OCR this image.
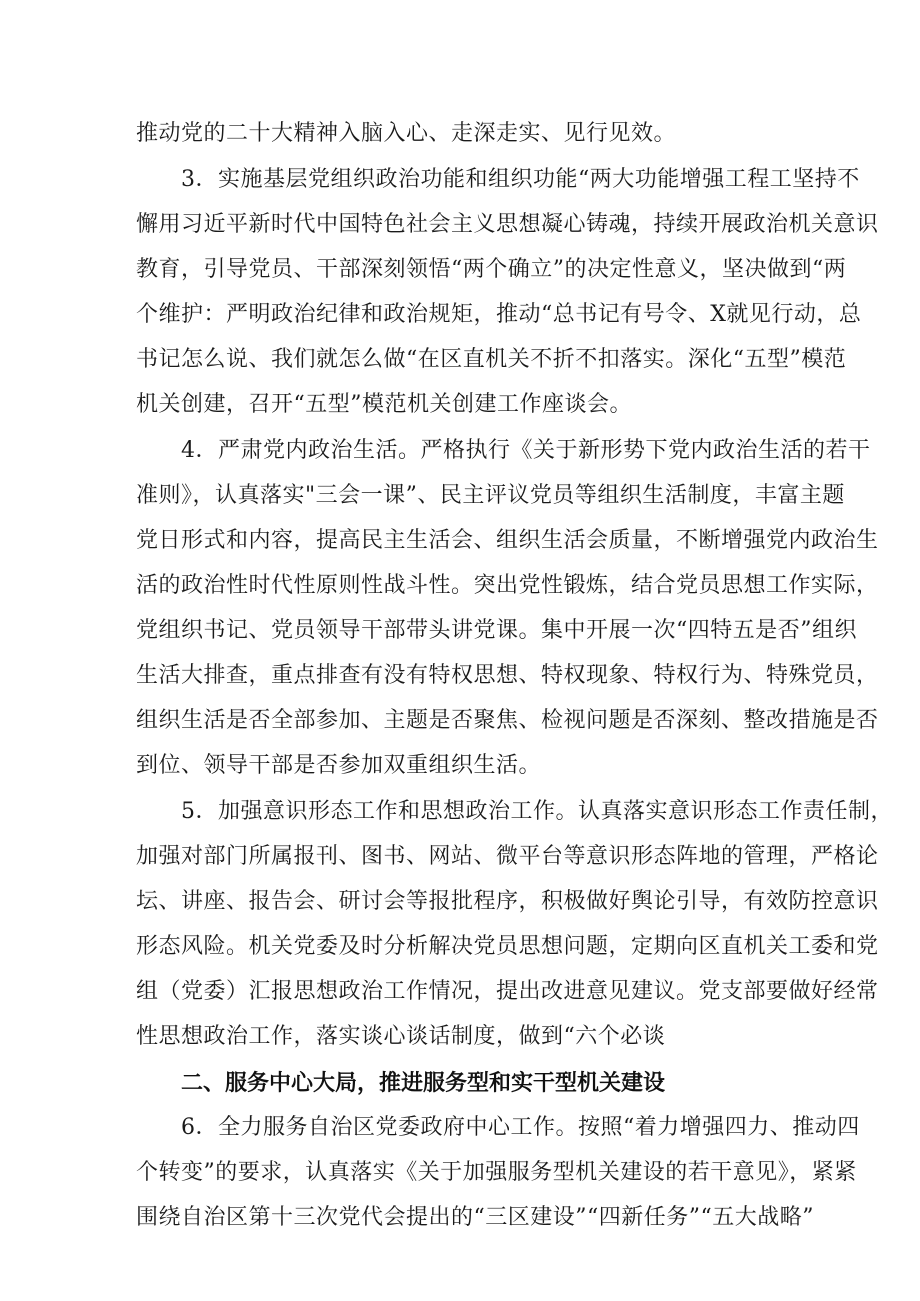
推动党的二十大精神入脑入心、走深走实、见行见效。
3．实施基层党组织政治功能和组织功能“两大功能增强工程工坚持不
懈用习近平新时代中国特色社会主义思想凝心铸魂，持续开展政治机关意识
教育，引导党员、干部深刻领悟“两个确立”的决定性意义，坚决做到“两
个维护：严明政治纪律和政治规矩，推动“总书记有号令、X就见行动，总
书记怎么说、我们就怎么做“在区直机关不折不扣落实。深化“五型”模范
机关创建，召开“五型”模范机关创建工作座谈会。
4．严肃党内政治生活。严格执行《关于新形势下党内政治生活的若干
准则》，认真落实"三会一课”、民主评议党员等组织生活制度，丰富主题
党日形式和内容，提高民主生活会、组织生活会质量，不断增强党内政治生
活的政治性时代性原则性战斗性。突出党性锻炼，结合党员思想工作实际，
党组织书记、党员领导干部带头讲党课。集中开展一次“四特五是否”组织
生活大排查，重点排查有没有特权思想、特权现象、特权行为、特殊党员，
组织生活是否全部参加、主题是否聚焦、检视问题是否深刻、整改措施是否
到位、领导干部是否参加双重组织生活。
5．加强意识形态工作和思想政治工作。认真落实意识形态工作责任制，
加强对部门所属报刊、图书、网站、微平台等意识形态阵地的管理，严格论
坛、讲座、报告会、研讨会等报批程序，积极做好舆论引导，有效防控意识
形态风险。机关党委及时分析解决党员思想问题，定期向区直机关工委和党
组（党委）汇报思想政治工作情况，提出改进意见建议。党支部要做好经常
性思想政治工作，落实谈心谈话制度，做到“六个必谈
二、服务中心大局，推进服务型和实干型机关建设
6．全力服务自治区党委政府中心工作。按照“着力增强四力、推动四
个转变”的要求，认真落实《关于加强服务型机关建设的若干意见》，紧紧
围绕自治区第十三次党代会提出的“三区建设”“四新任务”“五大战略”
